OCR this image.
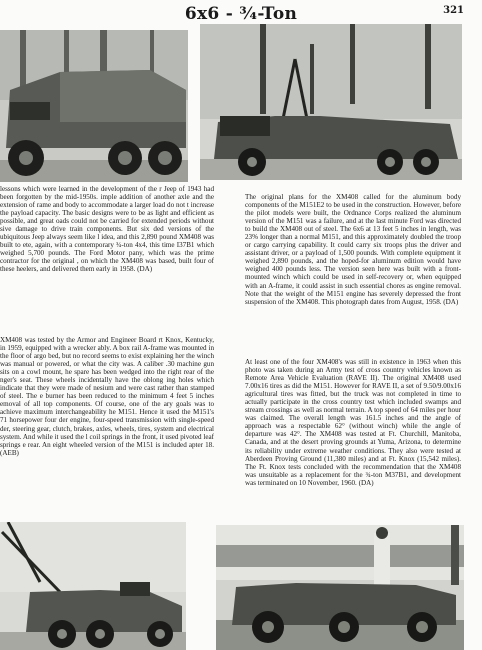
6x6 - ¾-Ton	321
lessons which were learned in the development of the r Jeep of 1943 had been forgotten by the mid-1950s. imple addition of another axle and the extension of rame and body to accommodate a larger load do not t increase the payload capacity. The basic designs were to be as light and efficient as possible, and great oads could not be carried for extended periods without sive damage to drive train components. But six ded versions of the ubiquitous Jeep always seem like l idea, and this 2,890 pound XM408 was built to ete, again, with a contemporary ¾-ton 4x4, this time I37B1 which weighed 5,700 pounds. The Ford Motor pany, which was the prime contractor for the original , on which the XM408 was based, built four of these heelers, and delivered them early in 1958. (DA)
XM408 was tested by the Armor and Engineer Board rt Knox, Kentucky, in 1959, equipped with a wrecker ably. A box rail A-frame was mounted in the floor of argo bed, but no record seems to exist explaining her the winch was manual or powered, or what the city was. A caliber .30 machine gun sits on a cowl mount, he spare has been wedged into the right rear of the nger's seat. These wheels incidentally have the oblong ing holes which indicate that they were made of nesium and were cast rather than stamped of steel. The e burner has been reduced to the minimum 4 feet 5 inches emoval of all top components. Of course, one of the ary goals was to achieve maximum interchangeability he M151. Hence it used the M151's 71 horsepower four der engine, four-speed transmission with single-speed der, steering gear, clutch, brakes, axles, wheels, tires, system and electrical system. And while it used the l coil springs in the front, it used pivoted leaf springs e rear. An eight wheeled version of the M151 is included apter 18. (AEB)
The original plans for the XM408 called for the aluminum body components of the M151E2 to be used in the construction. However, before the pilot models were built, the Ordnance Corps realized the aluminum version of the M151 was a failure, and at the last minute Ford was directed to build the XM408 out of steel. The 6x6 at 13 feet 5 inches in length, was 23% longer than a normal M151, and this approximately doubled the troop or cargo carrying capability. It could carry six troops plus the driver and assistant driver, or a payload of 1,500 pounds. With complete equipment it weighed 2,890 pounds, and the hoped-for aluminum edition would have weighed 400 pounds less. The version seen here was built with a front-mounted winch which could be used in self-recovery or, when equipped with an A-frame, it could assist in such essential chores as engine removal. Note that the weight of the M151 engine has severely depressed the front suspension of the XM408. This photograph dates from August, 1958. (DA)
At least one of the four XM408's was still in existence in 1963 when this photo was taken during an Army test of cross country vehicles known as Remote Area Vehicle Evaluation (RAVE II). The original XM408 used 7.00x16 tires as did the M151. However for RAVE II, a set of 9.50/9.00x16 agricultural tires was fitted, but the truck was not completed in time to actually participate in the cross country test which included swamps and stream crossings as well as normal terrain. A top speed of 64 miles per hour was claimed. The overall length was 161.5 inches and the angle of approach was a respectable 62° (without winch) while the angle of departure was 42°. The XM408 was tested at Ft. Churchill, Manitoba, Canada, and at the desert proving grounds at Yuma, Arizona, to determine its reliability under extreme weather conditions. They also were tested at Aberdeen Proving Ground (11,380 miles) and at Ft. Knox (15,542 miles). The Ft. Knox tests concluded with the recommendation that the XM408 was unsuitable as a replacement for the ¾-ton M37B1, and development was terminated on 10 November, 1960. (DA)
